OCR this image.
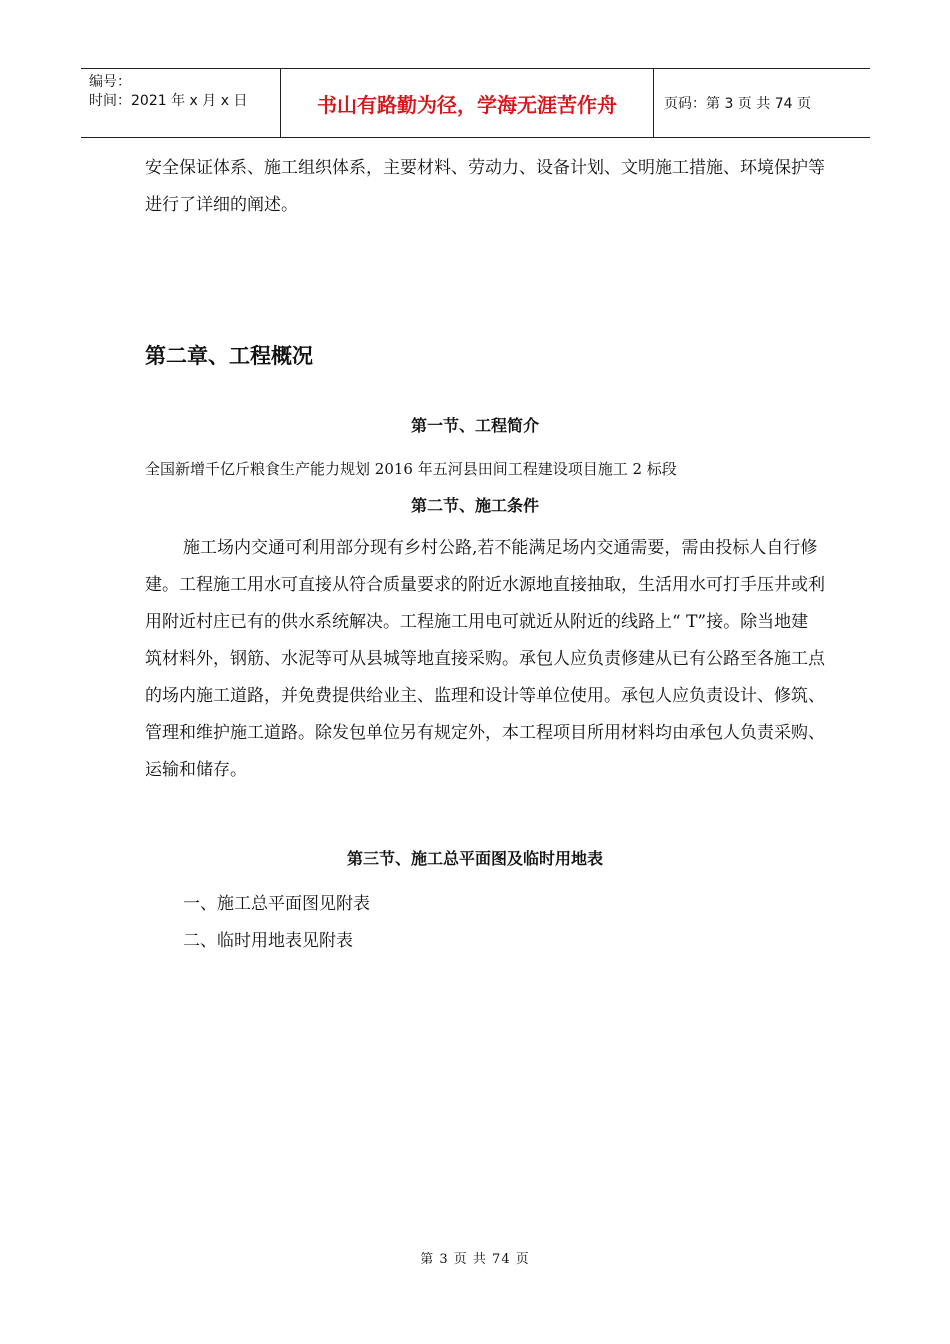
编号：
时间：2021 年 x 月 x 日	书山有路勤为径，学海无涯苦作舟	页码：第 3 页 共 74 页

安全保证体系、施工组织体系，主要材料、劳动力、设备计划、文明施工措施、环境保护等进行了详细的阐述。

第二章、工程概况
第一节、工程简介

全国新增千亿斤粮食生产能力规划 2016 年五河县田间工程建设项目施工 2 标段

第二节、施工条件

施工场内交通可利用部分现有乡村公路,若不能满足场内交通需要，需由投标人自行修建。工程施工用水可直接从符合质量要求的附近水源地直接抽取，生活用水可打手压井或利用附近村庄已有的供水系统解决。工程施工用电可就近从附近的线路上“ T”接。除当地建筑材料外，钢筋、水泥等可从县城等地直接采购。承包人应负责修建从已有公路至各施工点的场内施工道路，并免费提供给业主、监理和设计等单位使用。承包人应负责设计、修筑、管理和维护施工道路。除发包单位另有规定外，本工程项目所用材料均由承包人负责采购、运输和储存。

第三节、施工总平面图及临时用地表

一、施工总平面图见附表

二、临时用地表见附表

第 3 页 共 74 页
